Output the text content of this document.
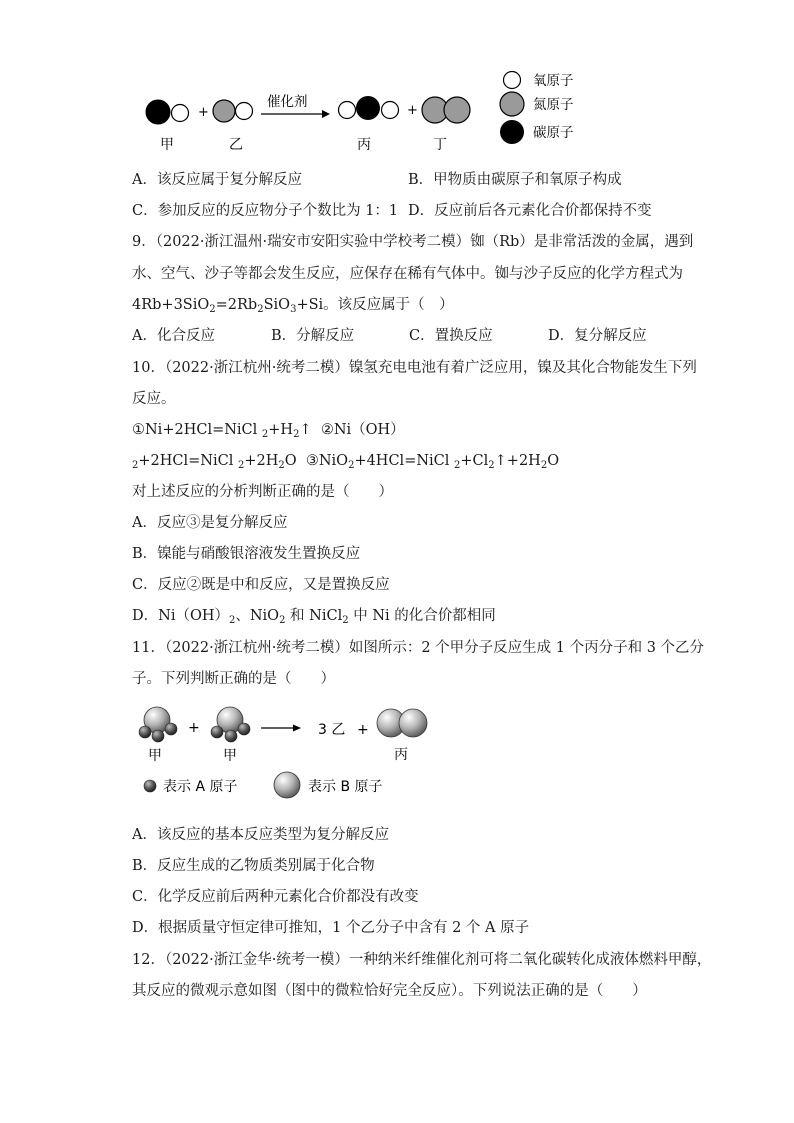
+
催化剂
+
甲	乙	丙	丁
氧原子
氮原子
碳原子
A．该反应属于复分解反应	B．甲物质由碳原子和氧原子构成
C．参加反应的反应物分子个数比为 1：1 D．反应前后各元素化合价都保持不变
9．（2022·浙江温州·瑞安市安阳实验中学校考二模）铷（Rb）是非常活泼的金属，遇到
水、空气、沙子等都会发生反应，应保存在稀有气体中。铷与沙子反应的化学方程式为
$4Rb+3SiO_2=2Rb_2SiO_3+Si$。该反应属于（　）
A．化合反应	B．分解反应	C．置换反应	D．复分解反应
10．（2022·浙江杭州·统考二模）镍氢充电电池有着广泛应用，镍及其化合物能发生下列
反应。
①Ni+2HCl=NiCl $_2+H_2↑$  ②Ni（OH）
$_2$+2HCl=NiCl $_2+2H_2O$  ③NiO$_2$+4HCl=NiCl $_2+Cl_2↑+2H_2O$
对上述反应的分析判断正确的是（　　）
A．反应③是复分解反应
B．镍能与硝酸银溶液发生置换反应
C．反应②既是中和反应，又是置换反应
D．$Ni(OH)_2$、NiO$_2$ 和 NiCl$_2$ 中 Ni 的化合价都相同
11．（2022·浙江杭州·统考二模）如图所示：2 个甲分子反应生成 1 个丙分子和 3 个乙分
子。下列判断正确的是（　　）
+	3 乙 +
甲	甲	丙
表示 A 原子	表示 B 原子
A．该反应的基本反应类型为复分解反应
B．反应生成的乙物质类别属于化合物
C．化学反应前后两种元素化合价都没有改变
D．根据质量守恒定律可推知，1 个乙分子中含有 2 个 A 原子
12．（2022·浙江金华·统考一模）一种纳米纤维催化剂可将二氧化碳转化成液体燃料甲醇，
其反应的微观示意如图（图中的微粒恰好完全反应）。下列说法正确的是（　　）
